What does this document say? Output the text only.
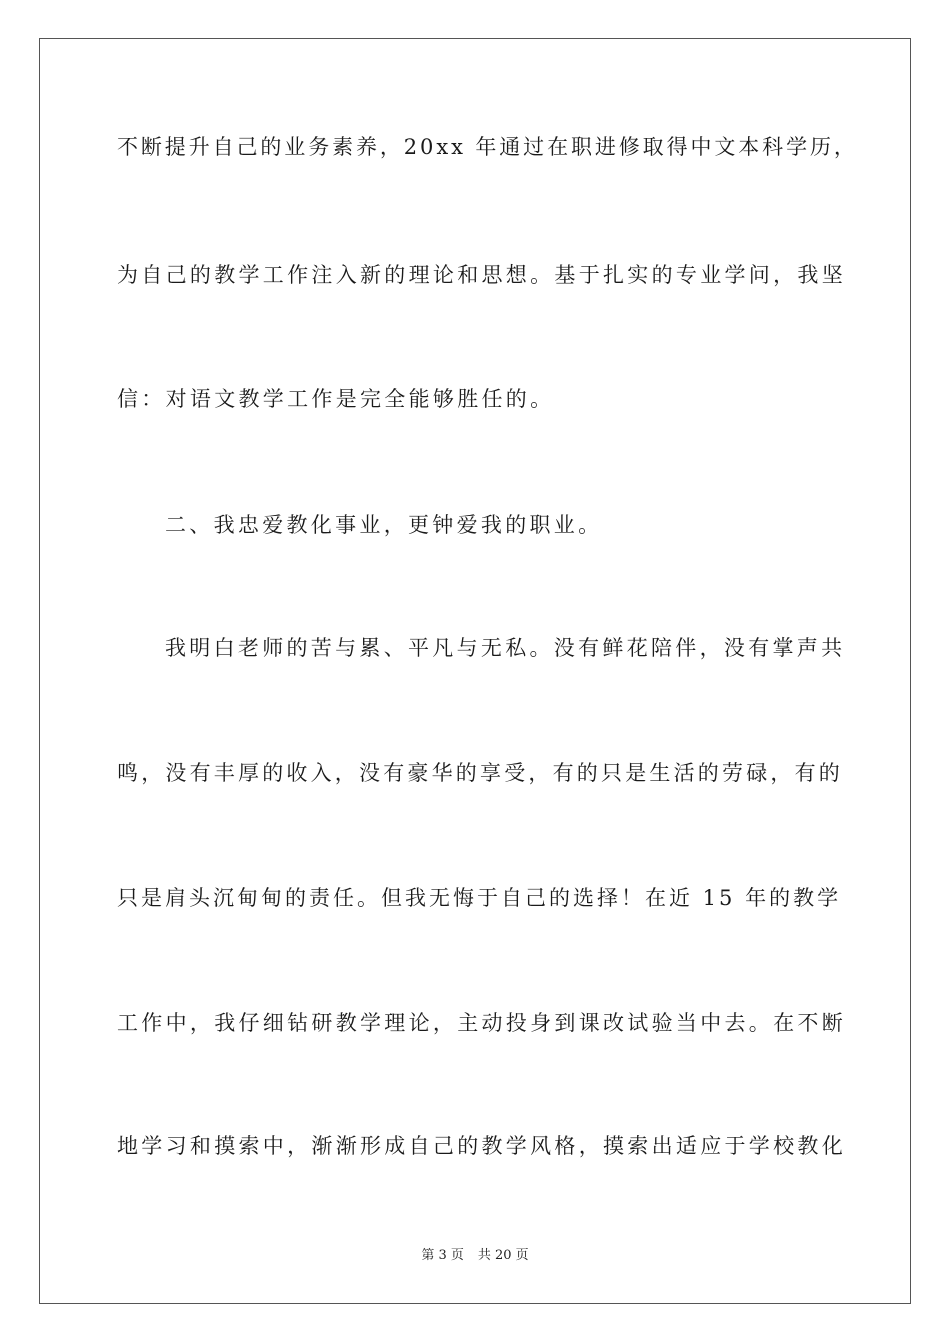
不断提升自己的业务素养，20xx 年通过在职进修取得中文本科学历，
为自己的教学工作注入新的理论和思想。基于扎实的专业学问，我坚
信：对语文教学工作是完全能够胜任的。
二、我忠爱教化事业，更钟爱我的职业。
我明白老师的苦与累、平凡与无私。没有鲜花陪伴，没有掌声共
鸣，没有丰厚的收入，没有豪华的享受，有的只是生活的劳碌，有的
只是肩头沉甸甸的责任。但我无悔于自己的选择！在近 15 年的教学
工作中，我仔细钻研教学理论，主动投身到课改试验当中去。在不断
地学习和摸索中，渐渐形成自己的教学风格，摸索出适应于学校教化
第 3 页 共 20 页
